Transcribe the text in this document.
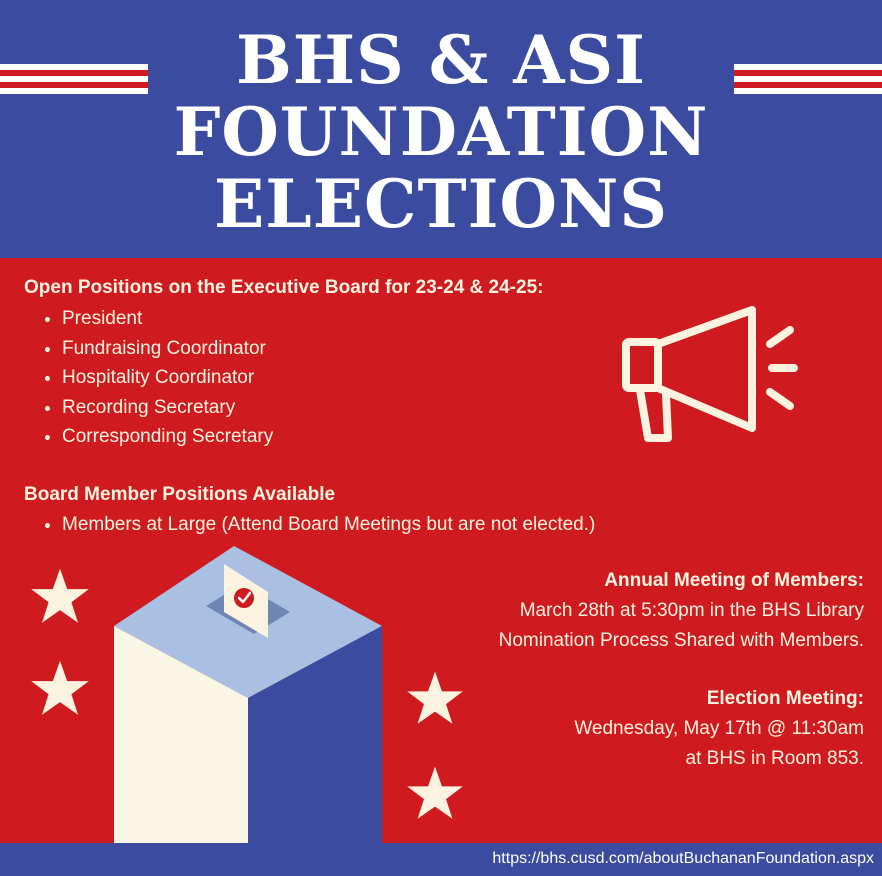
BHS & ASI
FOUNDATION
ELECTIONS
Open Positions on the Executive Board for 23-24 & 24-25:
• President
• Fundraising Coordinator
• Hospitality Coordinator
• Recording Secretary
• Corresponding Secretary
Board Member Positions Available
• Members at Large (Attend Board Meetings but are not elected.)
Annual Meeting of Members:
March 28th at 5:30pm in the BHS Library
Nomination Process Shared with Members.
Election Meeting:
Wednesday, May 17th @ 11:30am
at BHS in Room 853.
https://bhs.cusd.com/aboutBuchananFoundation.aspx
